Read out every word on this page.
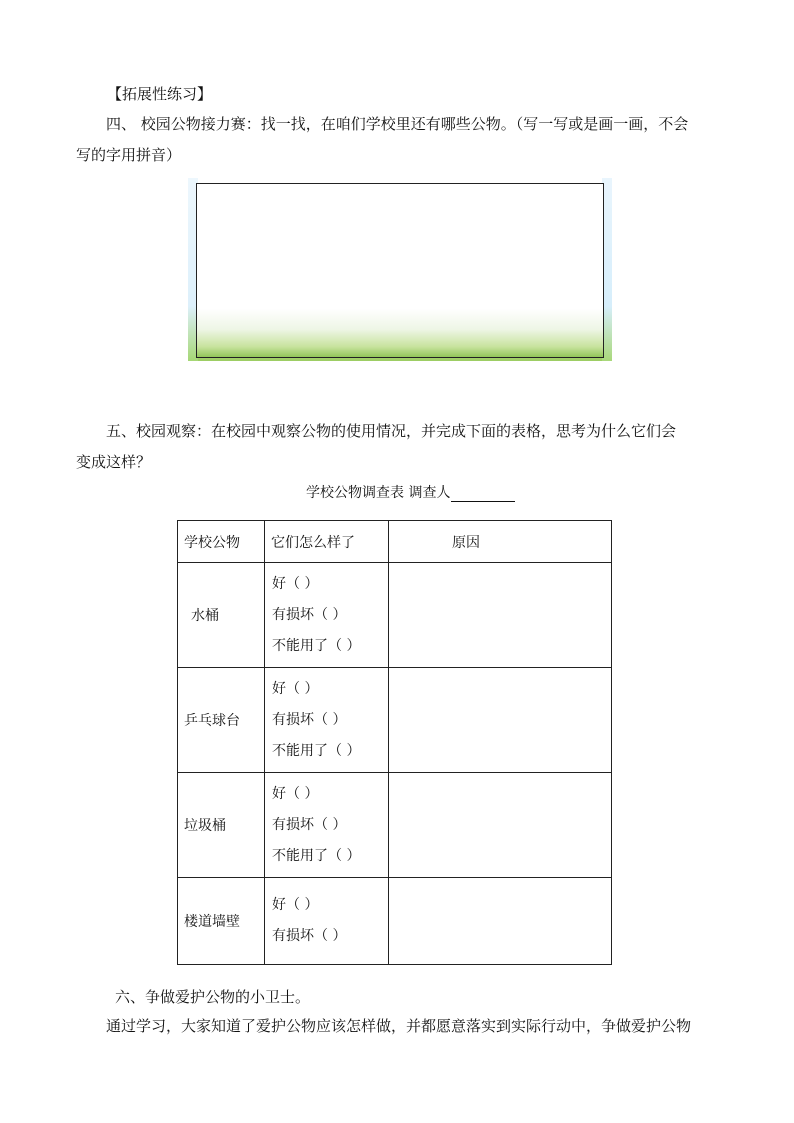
【拓展性练习】
四、 校园公物接力赛：找一找，在咱们学校里还有哪些公物。（写一写或是画一画，不会
写的字用拼音）
五、校园观察：在校园中观察公物的使用情况，并完成下面的表格，思考为什么它们会
变成这样？
学校公物调查表 调查人
学校公物	它们怎么样了	原因
水桶	好（ ）
有损坏（ ）
不能用了（ ）	

乒乓球台	好（ ）
有损坏（ ）
不能用了（ ）	

垃圾桶	好（ ）
有损坏（ ）
不能用了（ ）	

楼道墙壁	好（ ）
有损坏（ ）	

六、争做爱护公物的小卫士。
通过学习，大家知道了爱护公物应该怎样做，并都愿意落实到实际行动中，争做爱护公物
